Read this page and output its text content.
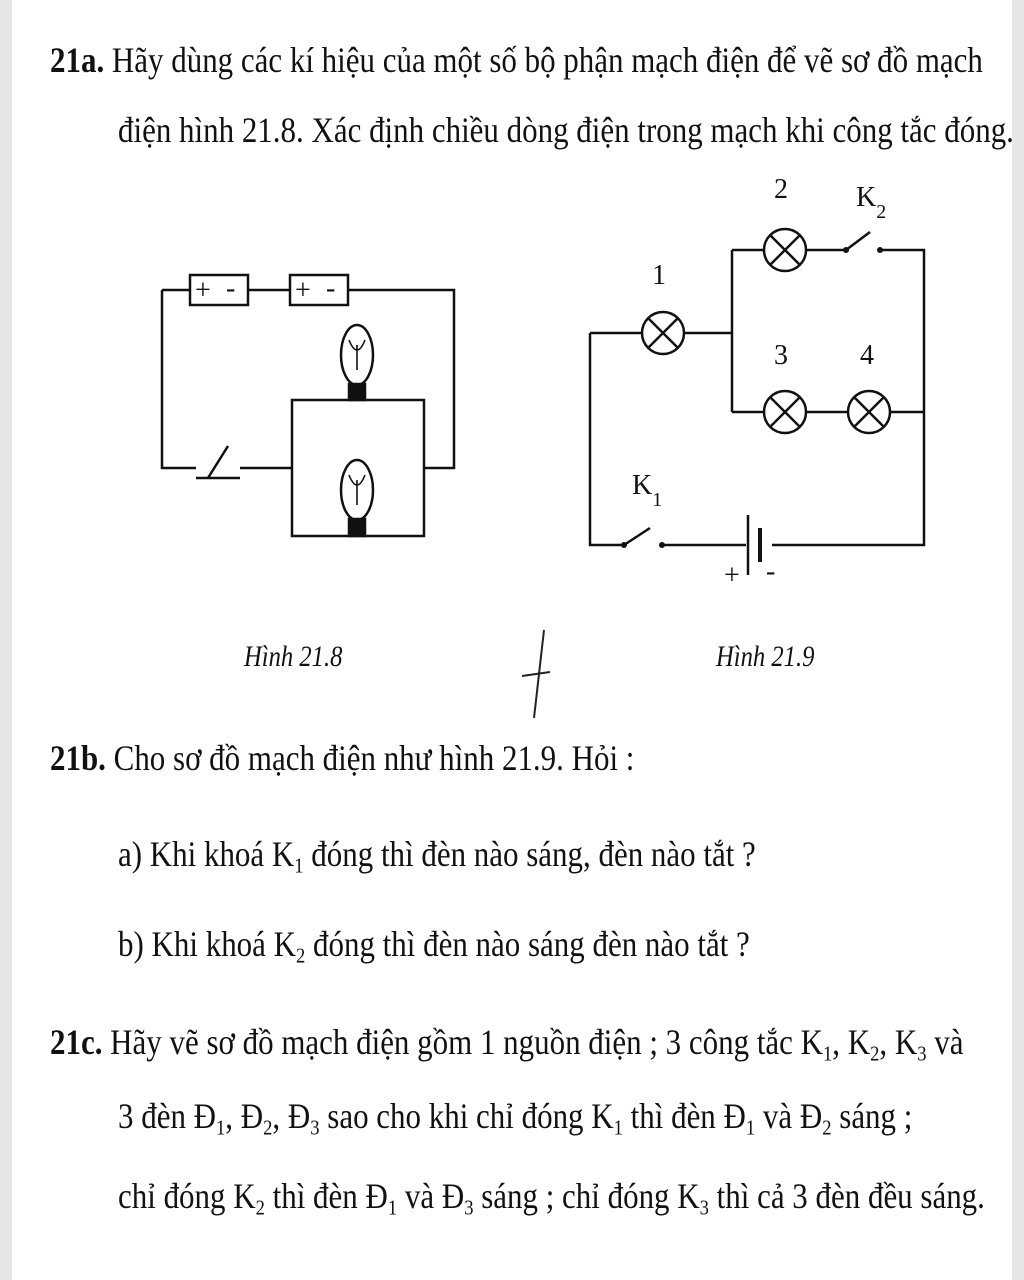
21a. Hãy dùng các kí hiệu của một số bộ phận mạch điện để vẽ sơ đồ mạch
điện hình 21.8. Xác định chiều dòng điện trong mạch khi công tắc đóng.
+ - + -	1
2
3	4
$K_2$
$K_1$
+ -
Hình 21.8	Hình 21.9
21b. Cho sơ đồ mạch điện như hình 21.9. Hỏi :
a) Khi khoá $K_1$ đóng thì đèn nào sáng, đèn nào tắt ?
b) Khi khoá $K_2$ đóng thì đèn nào sáng đèn nào tắt ?
21c. Hãy vẽ sơ đồ mạch điện gồm 1 nguồn điện ; 3 công tắc $K_1$, $K_2$, $K_3$ và
3 đèn $Đ_1$, $Đ_2$, $Đ_3$ sao cho khi chỉ đóng $K_1$ thì đèn $Đ_1$ và $Đ_2$ sáng ;
chỉ đóng $K_2$ thì đèn $Đ_1$ và $Đ_3$ sáng ; chỉ đóng $K_3$ thì cả 3 đèn đều sáng.
